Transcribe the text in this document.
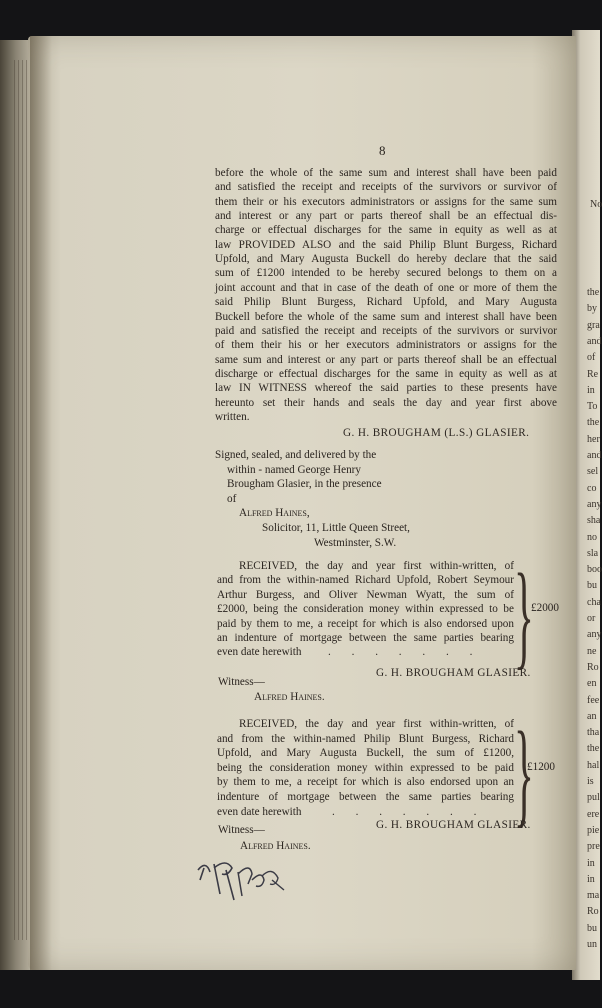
No
the
by
gra
and
of
Re
in
To
the
her
and
sel
co
any
sha
no
sla
boo
bu
cha
or
any
ne
Ro
en
fee
an
tha
the
hal
is
pul
ere
pie
pre
in
in
ma
Ro
bu
un
8
before the whole of the same sum and interest shall have been paid
and satisfied the receipt and receipts of the survivors or survivor of
them their or his executors administrators or assigns for the same sum
and interest or any part or parts thereof shall be an effectual dis-
charge or effectual discharges for the same in equity as well as at
law PROVIDED ALSO and the said Philip Blunt Burgess, Richard
Upfold, and Mary Augusta Buckell do hereby declare that the said
sum of £1200 intended to be hereby secured belongs to them on a
joint account and that in case of the death of one or more of them the
said Philip Blunt Burgess, Richard Upfold, and Mary Augusta
Buckell before the whole of the same sum and interest shall have been
paid and satisfied the receipt and receipts of the survivors or survivor
of them their his or her executors administrators or assigns for the
same sum and interest or any part or parts thereof shall be an effectual
discharge or effectual discharges for the same in equity as well as at
law IN WITNESS whereof the said parties to these presents have
hereunto set their hands and seals the day and year first above
written.
G. H. BROUGHAM (L.S.) GLASIER.
Signed, sealed, and delivered by the
within - named George Henry
Brougham Glasier, in the presence
of
Alfred Haines,
Solicitor, 11, Little Queen Street,
Westminster, S.W.
RECEIVED, the day and year first within-written, of
and from the within-named Richard Upfold, Robert Seymour
Arthur Burgess, and Oliver Newman Wyatt, the sum of
£2000, being the consideration money within expressed to be
paid by them to me, a receipt for which is also endorsed upon
an indenture of mortgage between the same parties bearing
even date herewith . . . . . . . }
£2000
G. H. BROUGHAM GLASIER.
Witness—
Alfred Haines.
RECEIVED, the day and year first within-written, of
and from the within-named Philip Blunt Burgess, Richard
Upfold, and Mary Augusta Buckell, the sum of £1200,
being the consideration money within expressed to be paid
by them to me, a receipt for which is also endorsed upon an
indenture of mortgage between the same parties bearing
even date herewith	. . . . . . . }
£1200
G. H. BROUGHAM GLASIER.
Witness—
Alfred Haines.
